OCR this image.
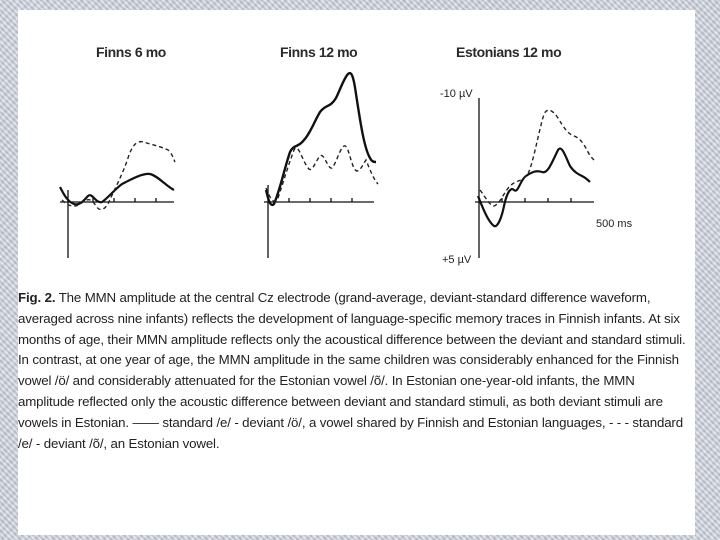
Finns 6 mo	Finns 12 mo	Estonians 12 mo
-10 µV
+5 µV
500 ms

Fig. 2. The MMN amplitude at the central Cz electrode (grand-average, deviant-standard difference waveform, averaged across nine infants) reflects the development of language-specific memory traces in Finnish infants. At six months of age, their MMN amplitude reflects only the acoustical difference between the deviant and standard stimuli. In contrast, at one year of age, the MMN amplitude in the same children was considerably enhanced for the Finnish vowel /ö/ and considerably attenuated for the Estonian vowel /õ/. In Estonian one-year-old infants, the MMN amplitude reflected only the acoustic difference between deviant and standard stimuli, as both deviant stimuli are vowels in Estonian. —— standard /e/ - deviant /ö/, a vowel shared by Finnish and Estonian languages, - - - standard /e/ - deviant /õ/, an Estonian vowel.
